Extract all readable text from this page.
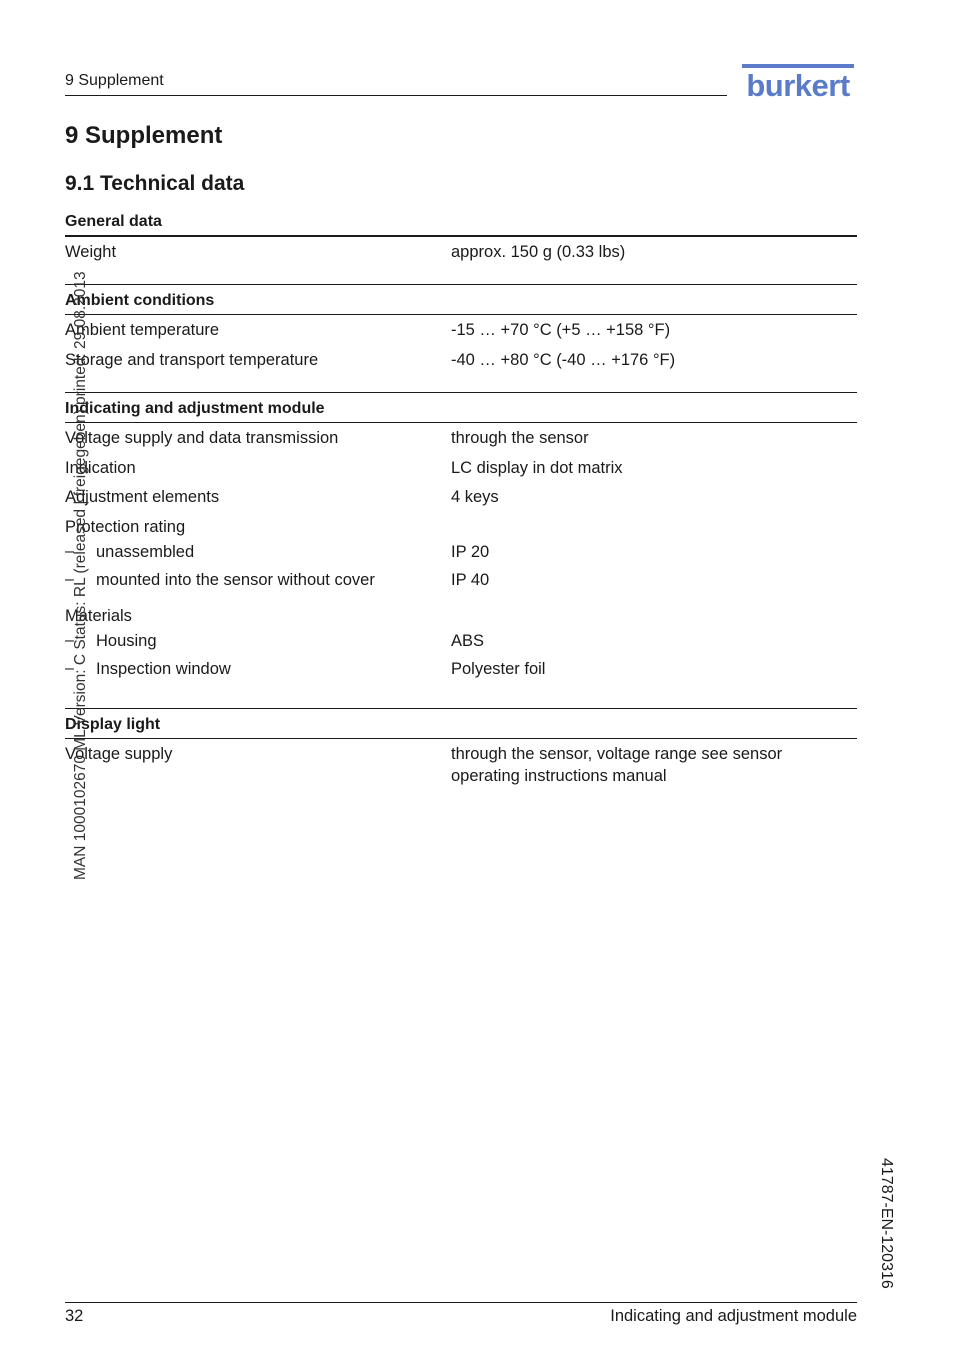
9 Supplement	burkert
9 Supplement
9.1 Technical data
General data
Weight	approx. 150 g (0.33 lbs)
Ambient conditions
Ambient temperature	-15 … +70 °C (+5 … +158 °F)
Storage and transport temperature	-40 … +80 °C (-40 … +176 °F)
Indicating and adjustment module
Voltage supply and data transmission	through the sensor
Indication	LC display in dot matrix
Adjustment elements	4 keys
Protection rating
– unassembled	IP 20
– mounted into the sensor without cover	IP 40
Materials
– Housing	ABS
– Inspection window	Polyester foil
Display light
Voltage supply	through the sensor, voltage range see sensor
operating instructions manual
MAN 1000102670 ML Version: C Status: RL (released | freigegeben) printed: 29.08.2013
41787-EN-120316
32	Indicating and adjustment module
